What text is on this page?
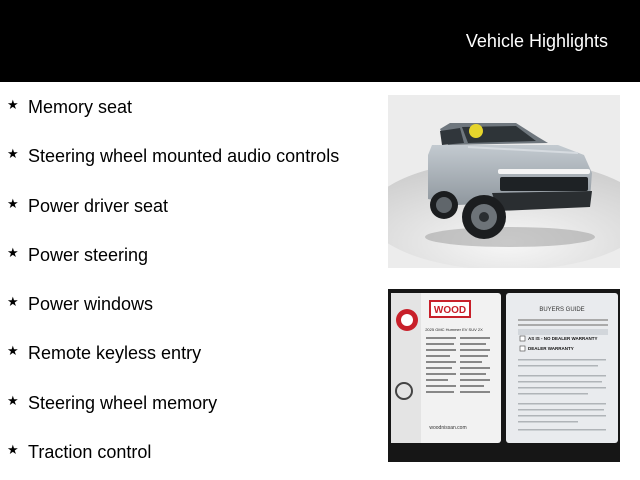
Vehicle Highlights
★ Memory seat
★ Steering wheel mounted audio controls
★ Power driver seat
★ Power steering
★ Power windows
★ Remote keyless entry
★ Steering wheel memory
★ Traction control
WOOD
2025 GMC Hummer EV SUV 2X
woodnissan.com
BUYERS GUIDE
AS IS - NO DEALER WARRANTY
DEALER WARRANTY
